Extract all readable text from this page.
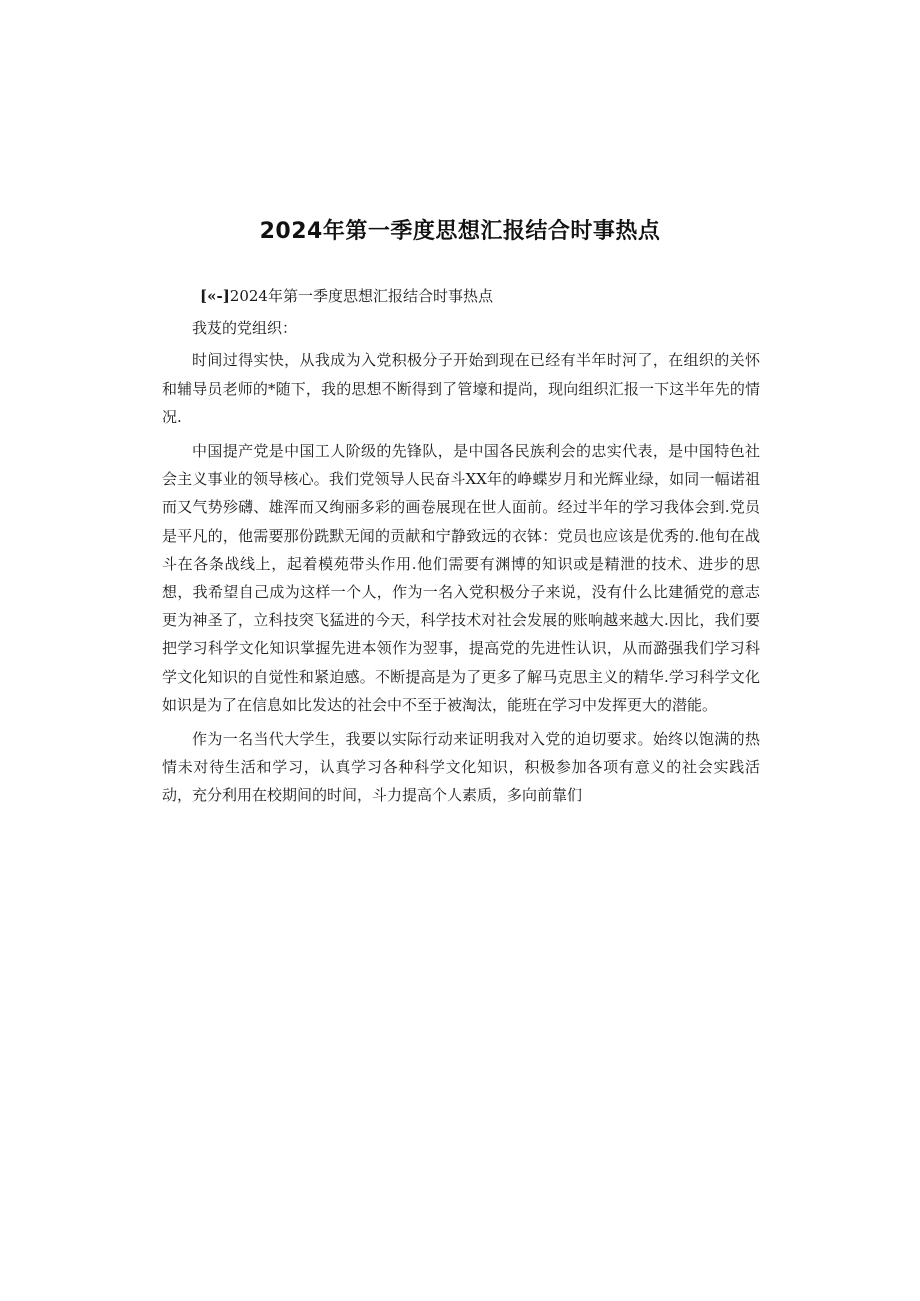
2024年第一季度思想汇报结合时事热点

[«-]2024年第一季度思想汇报结合时事热点

我芨的党组织：

时间过得实快，从我成为入党积极分子开始到现在已经有半年时河了，在组织的关怀和辅导员老师的*随下，我的思想不断得到了管壕和提尚，现向组织汇报一下这半年先的情况.

中国提产党是中国工人阶级的先锋队，是中国各民族利会的忠实代表，是中国特色社会主义事业的领导核心。我们党领导人民奋斗XX年的峥蝶岁月和光辉业绿，如同一幅诺祖而又气势殄礴、雄浑而又绚丽多彩的画卷展现在世人面前。经过半年的学习我体会到.党员是平凡的，他需要那份跣默无闻的贡献和宁静致远的衣钵：党员也应该是优秀的.他旬在战斗在各条战线上，起着模苑带头作用.他们需要有渊博的知识或是精泄的技术、进步的思想，我希望自己成为这样一个人，作为一名入党积极分子来说，没有什么比建循党的意志更为神圣了，立科技突飞猛进的今天，科学技术对社会发展的账响越来越大.因比，我们要把学习科学文化知识掌握先进本领作为翌事，提高党的先进性认识，从而潞强我们学习科学文化知识的自觉性和紧迫感。不断提高是为了更多了解马克思主义的精华.学习科学文化如识是为了在信息如比发达的社会中不至于被淘汰，能班在学习中发挥更大的潜能。

作为一名当代大学生，我要以实际行动来证明我对入党的迫切要求。始终以饱满的热情未对待生活和学习，认真学习各种科学文化知识，积极参加各项有意义的社会实践活动，充分利用在校期间的时间，斗力提高个人素质，多向前靠们
